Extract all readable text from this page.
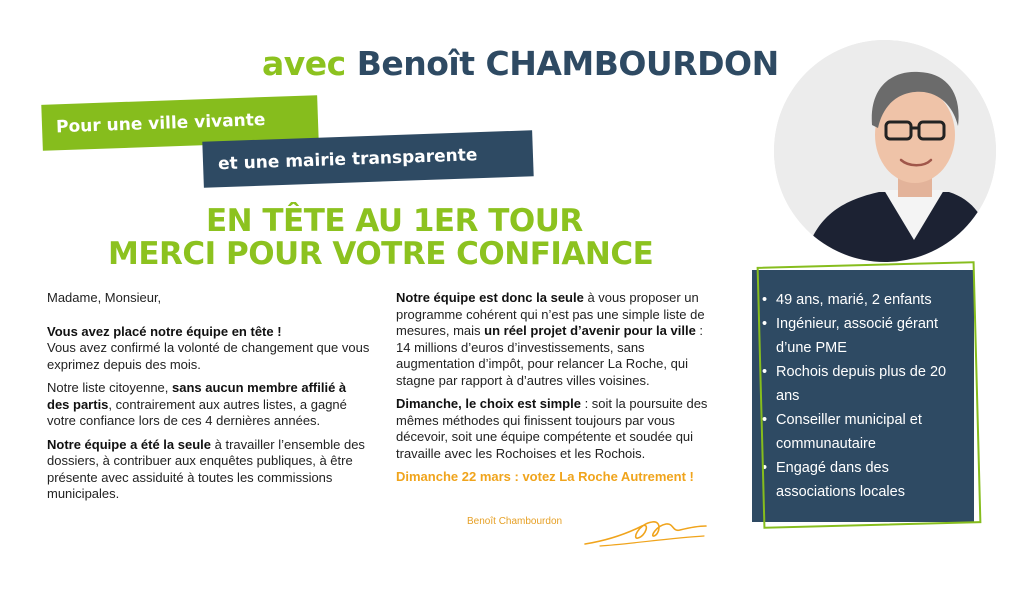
avec Benoît CHAMBOURDON
Pour une ville vivante
et une mairie transparente
EN TÊTE AU 1ER TOUR
MERCI POUR VOTRE CONFIANCE

Madame, Monsieur,

Vous avez placé notre équipe en tête !
Vous avez confirmé la volonté de changement que vous exprimez depuis des mois.

Notre liste citoyenne, sans aucun membre affilié à des partis, contrairement aux autres listes, a gagné votre confiance lors de ces 4 dernières années.

Notre équipe a été la seule à travailler l’ensemble des dossiers, à contribuer aux enquêtes publiques, à être présente avec assiduité à toutes les commissions municipales.

Notre équipe est donc la seule à vous proposer un programme cohérent qui n’est pas une simple liste de mesures, mais un réel projet d’avenir pour la ville : 14 millions d’euros d’investissements, sans augmentation d’impôt, pour relancer La Roche, qui stagne par rapport à d’autres villes voisines.

Dimanche, le choix est simple : soit la poursuite des mêmes méthodes qui finissent toujours par vous décevoir, soit une équipe compétente et soudée qui travaille avec les Rochoises et les Rochois.

Dimanche 22 mars : votez La Roche Autrement !

Benoît Chambourdon
• 49 ans, marié, 2 enfants
• Ingénieur, associé gérant d’une PME
• Rochois depuis plus de 20 ans
• Conseiller municipal et communautaire
• Engagé dans des associations locales
